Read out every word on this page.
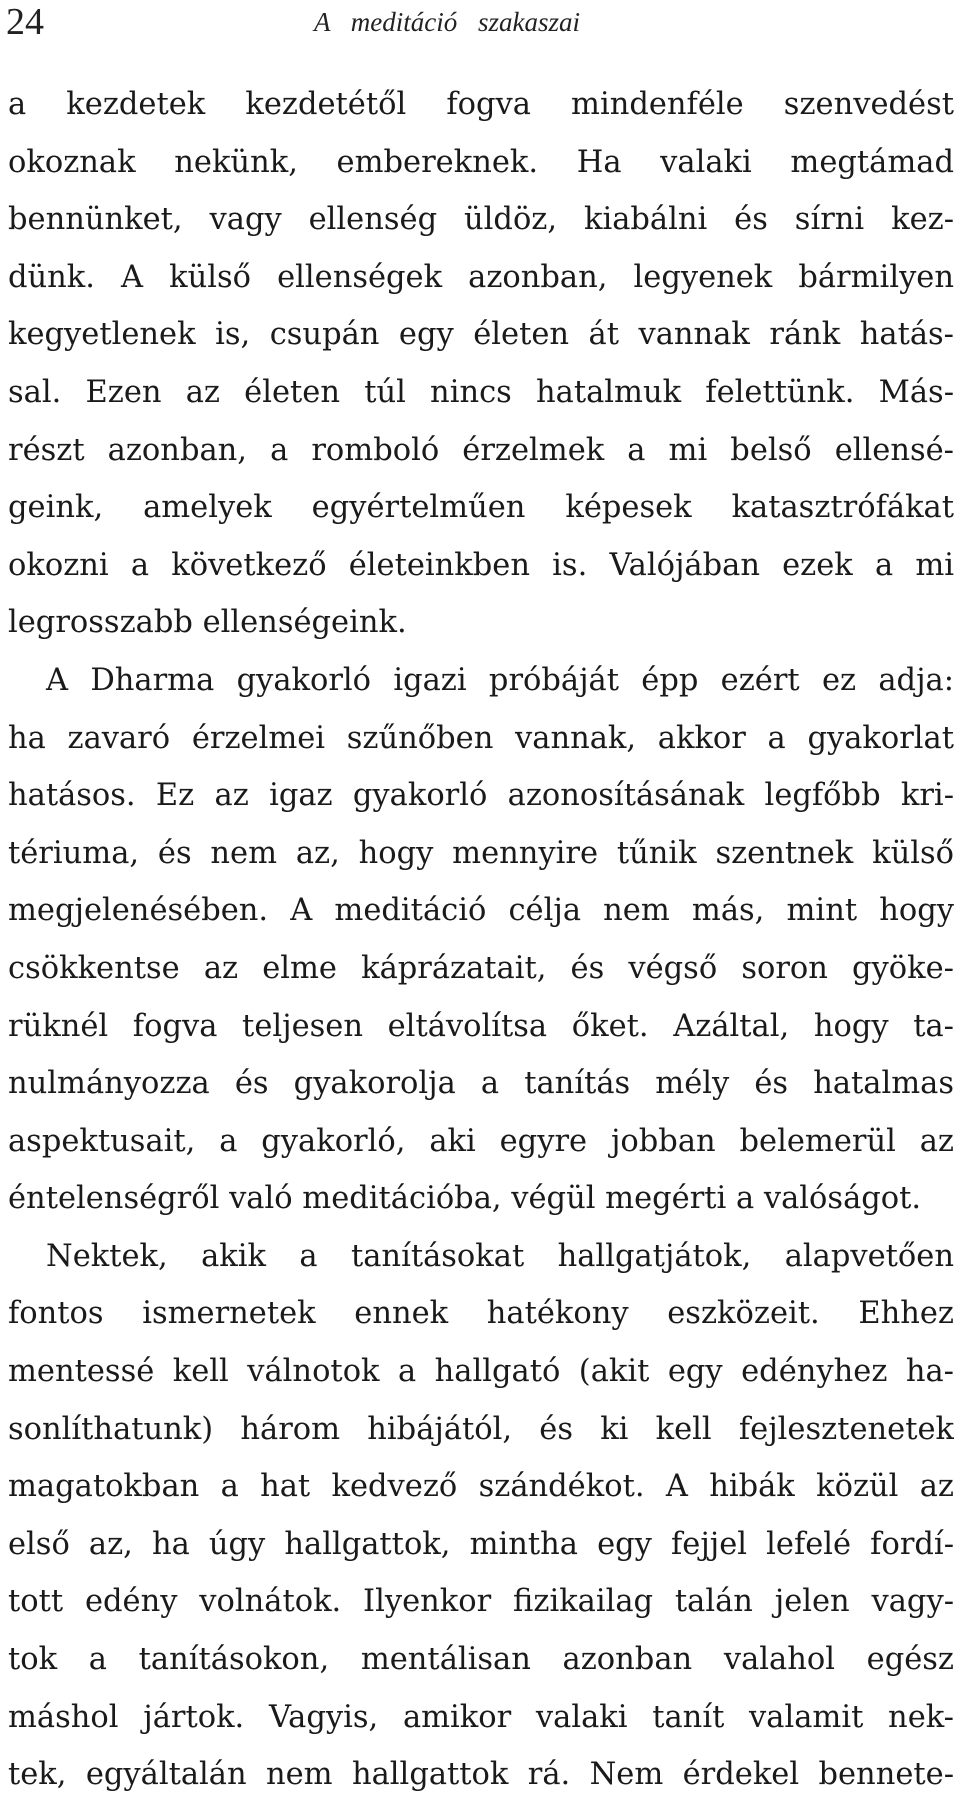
24	A meditáció szakaszai
a kezdetek kezdetétől fogva mindenféle szenvedést
okoznak nekünk, embereknek. Ha valaki megtámad
bennünket, vagy ellenség üldöz, kiabálni és sírni kez-
dünk. A külső ellenségek azonban, legyenek bármilyen
kegyetlenek is, csupán egy életen át vannak ránk hatás-
sal. Ezen az életen túl nincs hatalmuk felettünk. Más-
részt azonban, a romboló érzelmek a mi belső ellensé-
geink, amelyek egyértelműen képesek katasztrófákat
okozni a következő életeinkben is. Valójában ezek a mi
legrosszabb ellenségeink.
A Dharma gyakorló igazi próbáját épp ezért ez adja:
ha zavaró érzelmei szűnőben vannak, akkor a gyakorlat
hatásos. Ez az igaz gyakorló azonosításának legfőbb kri-
tériuma, és nem az, hogy mennyire tűnik szentnek külső
megjelenésében. A meditáció célja nem más, mint hogy
csökkentse az elme káprázatait, és végső soron gyöke-
rüknél fogva teljesen eltávolítsa őket. Azáltal, hogy ta-
nulmányozza és gyakorolja a tanítás mély és hatalmas
aspektusait, a gyakorló, aki egyre jobban belemerül az
éntelenségről való meditációba, végül megérti a valóságot.
Nektek, akik a tanításokat hallgatjátok, alapvetően
fontos ismernetek ennek hatékony eszközeit. Ehhez
mentessé kell válnotok a hallgató (akit egy edényhez ha-
sonlíthatunk) három hibájától, és ki kell fejlesztenetek
magatokban a hat kedvező szándékot. A hibák közül az
első az, ha úgy hallgattok, mintha egy fejjel lefelé fordí-
tott edény volnátok. Ilyenkor fizikailag talán jelen vagy-
tok a tanításokon, mentálisan azonban valahol egész
máshol jártok. Vagyis, amikor valaki tanít valamit nek-
tek, egyáltalán nem hallgattok rá. Nem érdekel bennete-
